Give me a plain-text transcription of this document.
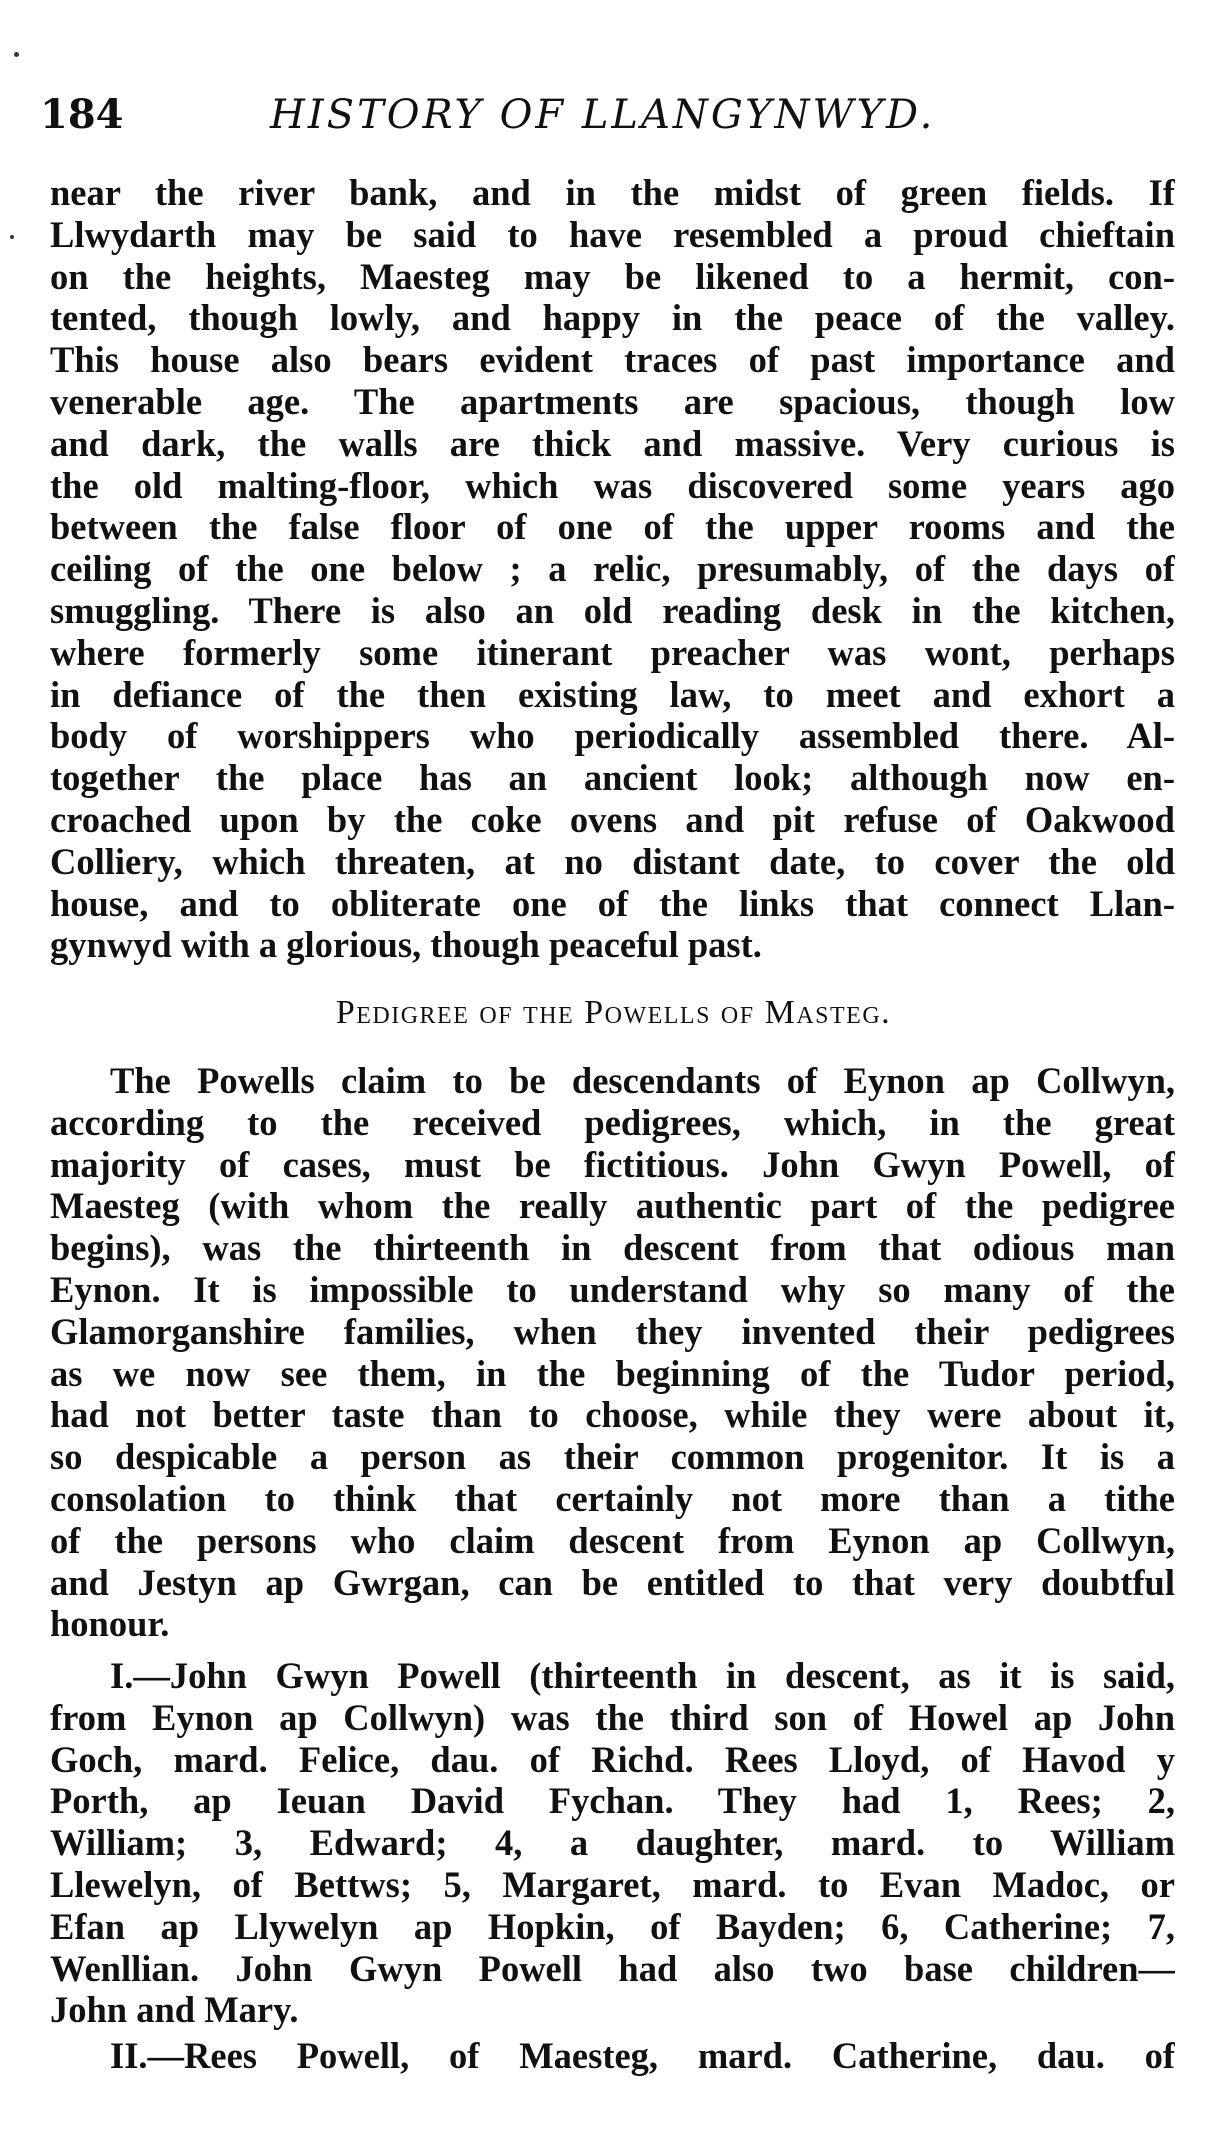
184	HISTORY OF LLANGYNWYD.
near the river bank, and in the midst of green fields. If
Llwydarth may be said to have resembled a proud chieftain
on the heights, Maesteg may be likened to a hermit, con-
tented, though lowly, and happy in the peace of the valley.
This house also bears evident traces of past importance and
venerable age. The apartments are spacious, though low
and dark, the walls are thick and massive. Very curious is
the old malting-floor, which was discovered some years ago
between the false floor of one of the upper rooms and the
ceiling of the one below ; a relic, presumably, of the days of
smuggling. There is also an old reading desk in the kitchen,
where formerly some itinerant preacher was wont, perhaps
in defiance of the then existing law, to meet and exhort a
body of worshippers who periodically assembled there. Al-
together the place has an ancient look; although now en-
croached upon by the coke ovens and pit refuse of Oakwood
Colliery, which threaten, at no distant date, to cover the old
house, and to obliterate one of the links that connect Llan-
gynwyd with a glorious, though peaceful past.
Pedigree of the Powells of Masteg.
The Powells claim to be descendants of Eynon ap Collwyn,
according to the received pedigrees, which, in the great
majority of cases, must be fictitious. John Gwyn Powell, of
Maesteg (with whom the really authentic part of the pedigree
begins), was the thirteenth in descent from that odious man
Eynon. It is impossible to understand why so many of the
Glamorganshire families, when they invented their pedigrees
as we now see them, in the beginning of the Tudor period,
had not better taste than to choose, while they were about it,
so despicable a person as their common progenitor. It is a
consolation to think that certainly not more than a tithe
of the persons who claim descent from Eynon ap Collwyn,
and Jestyn ap Gwrgan, can be entitled to that very doubtful
honour.
I.—John Gwyn Powell (thirteenth in descent, as it is said,
from Eynon ap Collwyn) was the third son of Howel ap John
Goch, mard. Felice, dau. of Richd. Rees Lloyd, of Havod y
Porth, ap Ieuan David Fychan. They had 1, Rees; 2,
William; 3, Edward; 4, a daughter, mard. to William
Llewelyn, of Bettws; 5, Margaret, mard. to Evan Madoc, or
Efan ap Llywelyn ap Hopkin, of Bayden; 6, Catherine; 7,
Wenllian. John Gwyn Powell had also two base children—
John and Mary.
II.—Rees Powell, of Maesteg, mard. Catherine, dau. of
